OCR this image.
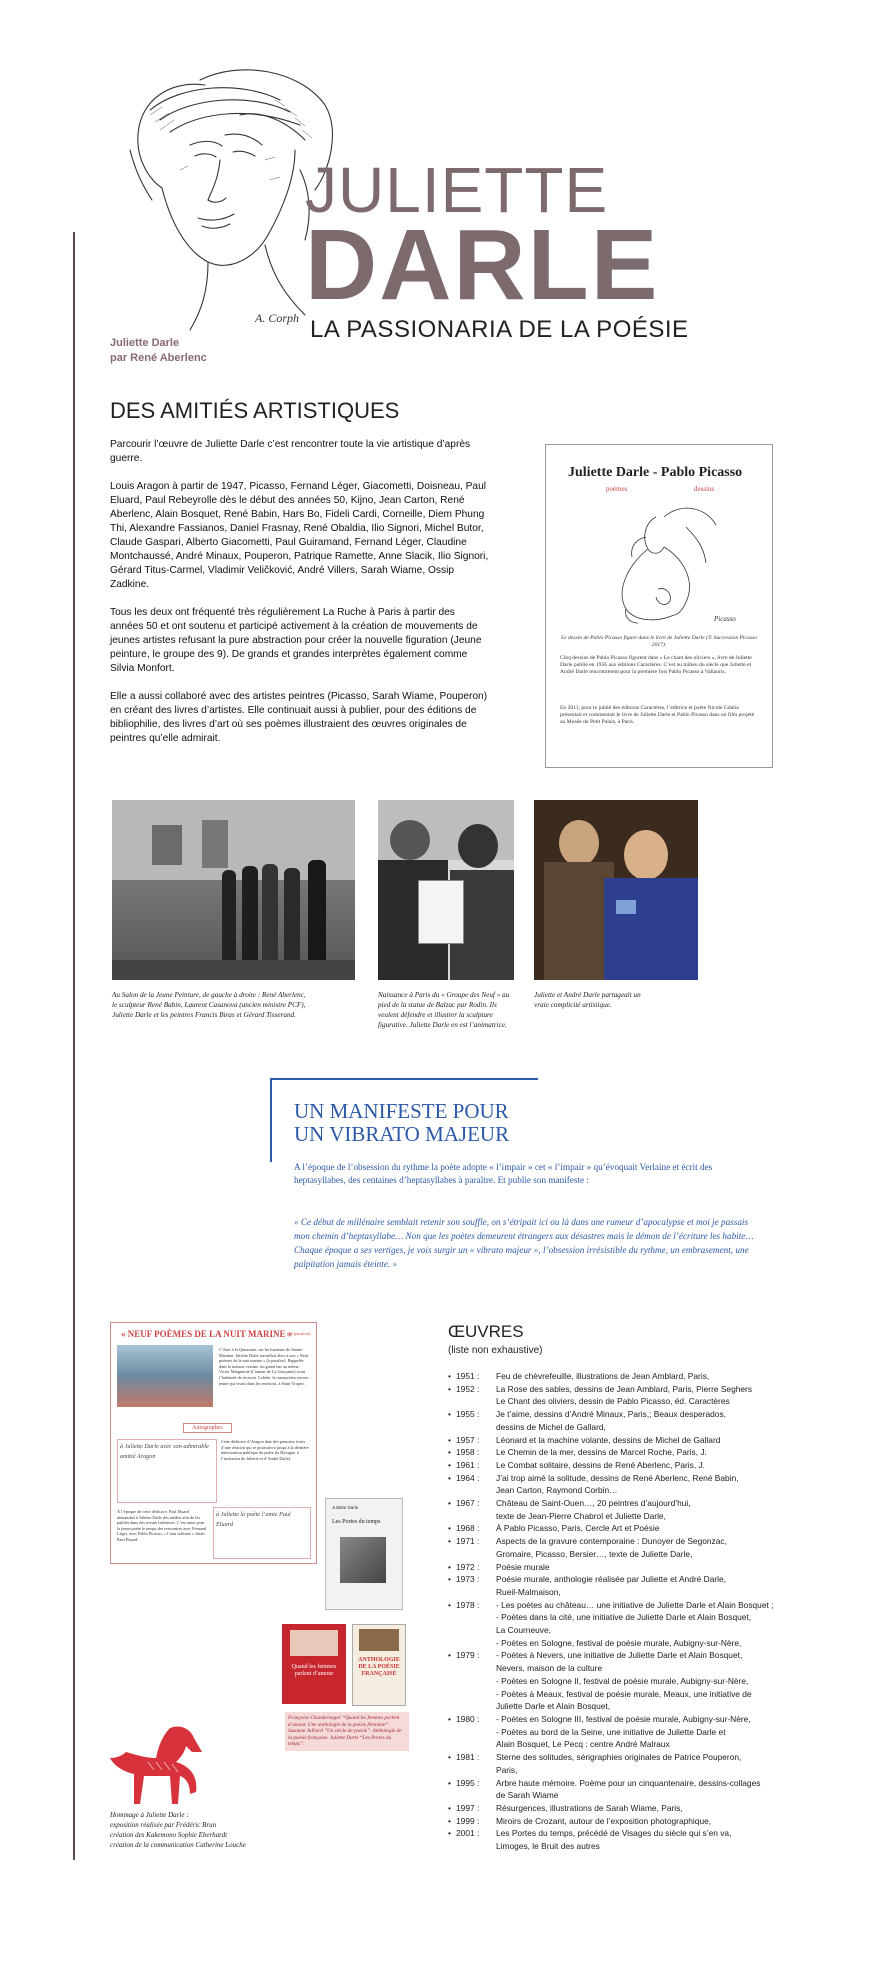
A. Corph
Juliette Darle
par René Aberlenc
JULIETTE
DARLE
LA PASSIONARIA DE LA POÉSIE
DES AMITIÉS ARTISTIQUES

Parcourir l’œuvre de Juliette Darle c’est rencontrer toute la vie artistique d’après guerre.

Louis Aragon à partir de 1947, Picasso, Fernand Léger, Giacometti, Doisneau, Paul Eluard, Paul Rebeyrolle dès le début des années 50, Kijno, Jean Carton, René Aberlenc, Alain Bosquet, René Babin, Hars Bo, Fideli Cardi, Corneille, Diem Phung Thi, Alexandre Fassianos, Daniel Frasnay, René Obaldia, Ilio Signori, Michel Butor, Claude Gaspari, Alberto Giacometti, Paul Guiramand, Fernand Léger, Claudine Montchaussé, André Minaux, Pouperon, Patrique Ramette, Anne Slacik, Ilio Signori, Gérard Titus-Carmel, Vladimir Veličković, André Villers, Sarah Wiame, Ossip Zadkine.

Tous les deux ont fréquenté très régulièrement La Ruche à Paris à partir des années 50 et ont soutenu et participé activement à la création de mouvements de jeunes artistes refusant la pure abstraction pour créer la nouvelle figuration (Jeune peinture, le groupe des 9). De grands et grandes interprètes également comme Silvia Monfort.

Elle a aussi collaboré avec des artistes peintres (Picasso, Sarah Wiame, Pouperon) en créant des livres d’artistes. Elle continuait aussi à publier, pour des éditions de bibliophilie, des livres d’art où ses poèmes illustraient des œuvres originales de peintres qu’elle admirait.

Juliette Darle - Pablo Picasso
poèmes	dessins
Picasso
Le dessin de Pablo Picasso figure dans le livre de Juliette Darle (© Succession Picasso 2017).
Cinq dessins de Pablo Picasso figurent dans « Le chant des oliviers », livre de Juliette Darle publié en 1956 aux éditions Caractères. C’est au milieu du siècle que Juliette et André Darle rencontrèrent pour la première fois Pablo Picasso à Vallauris.
En 2011, pour le jubilé des éditions Caractères, l’éditrice et poète Nicole Gdalia présentait et commentait le livre de Juliette Darle et Pablo Picasso dans un film projeté au Musée du Petit Palais, à Paris.
Au Salon de la Jeune Peinture, de gauche à droite : René Aberlenc, le sculpteur René Babin, Laurent Casanova (ancien ministre PCF), Juliette Darle et les peintres Francis Biras et Gérard Tisserand.
Naissance à Paris du « Groupe des Neuf » au pied de la statue de Balzac par Rodin. Ils veulent défendre et illustrer la sculpture figurative. Juliette Darle en est l’animatrice.
Juliette et André Darle partageait un vraie complicité artistique.
UN MANIFESTE POUR
UN VIBRATO MAJEUR
A l’époque de l’obsession du rythme la poète adopte « l’impair » cet « l’impair » qu’évoquait Verlaine et écrit des heptasyllabes, des centaines d’heptasyllabes à paraître. Et publie son manifeste :
« Ce début de millénaire semblait retenir son souffle, on s’étripait ici ou là dans une rumeur d’apocalypse et moi je passais mon chemin d’heptasyllabe… Non que les poètes demeurent étrangers aux désastres mais le démon de l’écriture les habite… Chaque époque a ses vertiges, je vois surgir un « vibrato majeur », l’obsession irrésistible du rythme, un embrasement, une palpitation jamais éteinte. »
« NEUF POÈMES DE LA NUIT MARINE »
(1ʳᵉ parution)
C’était à la Quintonia, sur les hauteurs de Sainte-Maxime. Juliette Darle travaillait alors à son « Neuf poèmes de la nuit marine » (à paraître). Rappelée dans la maison voisine, un grand bar au même, Victor Marguerite (l’auteur de La Garçonne) avait l’habitude de recevoir Colette, la romancière encore jeune qui vivait dans les environs, à Saint-Tropez.
Autographes
à Juliette Darle avec son admirable amitié Aragon
Cette dédicace d’Aragon date des premiers écrits d’une relation qui se poursuivra jusqu’à la dernière intervention publique du poète (la Bologne, à l’invitation de Juliette et d’André Darle).
À l’époque de cette dédicace, Paul Eluard demandait à Juliette Darle des inédits afin de les publier dans des revues littéraires. C’est aussi pour la jeune poète le temps des rencontres avec Fernand Léger, avec Pablo Picasso, « l’ami solitaire » disait Paul Eluard.
à Juliette la poète l’amie Paul Eluard
Juliette Darle
Les Portes du temps
Quand les femmes parlent d’amour
ANTHOLOGIE DE LA POÉSIE FRANÇAISE
Françoise Chandernagor “Quand les femmes parlent d’amour. Une anthologie de la poésie féminine” Suzanne Julliard “Un siècle de poésie”. Anthologie de la poésie française. Juliette Darle “Les Portes du temps”.
ŒUVRES
(liste non exhaustive)
• 1951 :	Feu de chèvrefeuille, illustrations de Jean Amblard, Paris,
• 1952 :	La Rose des sables, dessins de Jean Amblard, Paris, Pierre Seghers
Le Chant des oliviers, dessin de Pablo Picasso, éd. Caractères
• 1955 :	Je t’aime, dessins d’André Minaux, Paris,; Beaux desperados,
dessins de Michel de Gallard,
• 1957 :	Léonard et la machine volante, dessins de Michel de Gallard
• 1958 :	Le Chemin de la mer, dessins de Marcel Roche, Paris, J.
• 1961 :	Le Combat solitaire, dessins de René Aberlenc, Paris, J.
• 1964 :	J’ai trop aimé la solitude, dessins de René Aberlenc, René Babin,
Jean Carton, Raymond Corbin…
• 1967 :	Château de Saint-Ouen…, 20 peintres d’aujourd’hui,
texte de Jean-Pierre Chabrol et Juliette Darle,
• 1968 :	À Pablo Picasso, Paris, Cercle Art et Poésie
• 1971 :	Aspects de la gravure contemporaine : Dunoyer de Segonzac,
Gromaire, Picasso, Bersier…, texte de Juliette Darle,
• 1972 :	Poésie murale
• 1973 :	Poésie murale, anthologie réalisée par Juliette et André Darle,
Rueil-Malmaison,
• 1978 :	- Les poètes au château… une initiative de Juliette Darle et Alain Bosquet ;
- Poètes dans la cité, une initiative de Juliette Darle et Alain Bosquet,
La Courneuve,
- Poètes en Sologne, festival de poésie murale, Aubigny-sur-Nère,
• 1979 :	- Poètes à Nevers, une initiative de Juliette Darle et Alain Bosquet,
Nevers, maison de la culture
- Poètes en Sologne II, festival de poésie murale, Aubigny-sur-Nère,
- Poètes à Meaux, festival de poésie murale, Meaux, une initiative de
Juliette Darle et Alain Bosquet,
• 1980 :	- Poètes en Sologne III, festival de poésie murale, Aubigny-sur-Nère,
- Poètes au bord de la Seine, une initiative de Juliette Darle et
Alain Bosquet, Le Pecq : centre André Malraux
• 1981 :	Sterne des solitudes, sérigraphies originales de Patrice Pouperon,
Paris,
• 1995 :	Arbre haute mémoire. Poème pour un cinquantenaire, dessins-collages
de Sarah Wiame
• 1997 :	Résurgences, illustrations de Sarah Wiame, Paris,
• 1999 :	Miroirs de Crozant, autour de l’exposition photographique,
• 2001 :	Les Portes du temps, précédé de Visages du siècle qui s’en va,
Limoges, le Bruit des autres
Hommage à Juliette Darle :
exposition réalisée par Frédéric Brun
création des Kakemono Sophie Eberhardt
création de la communication Catherine Louche
